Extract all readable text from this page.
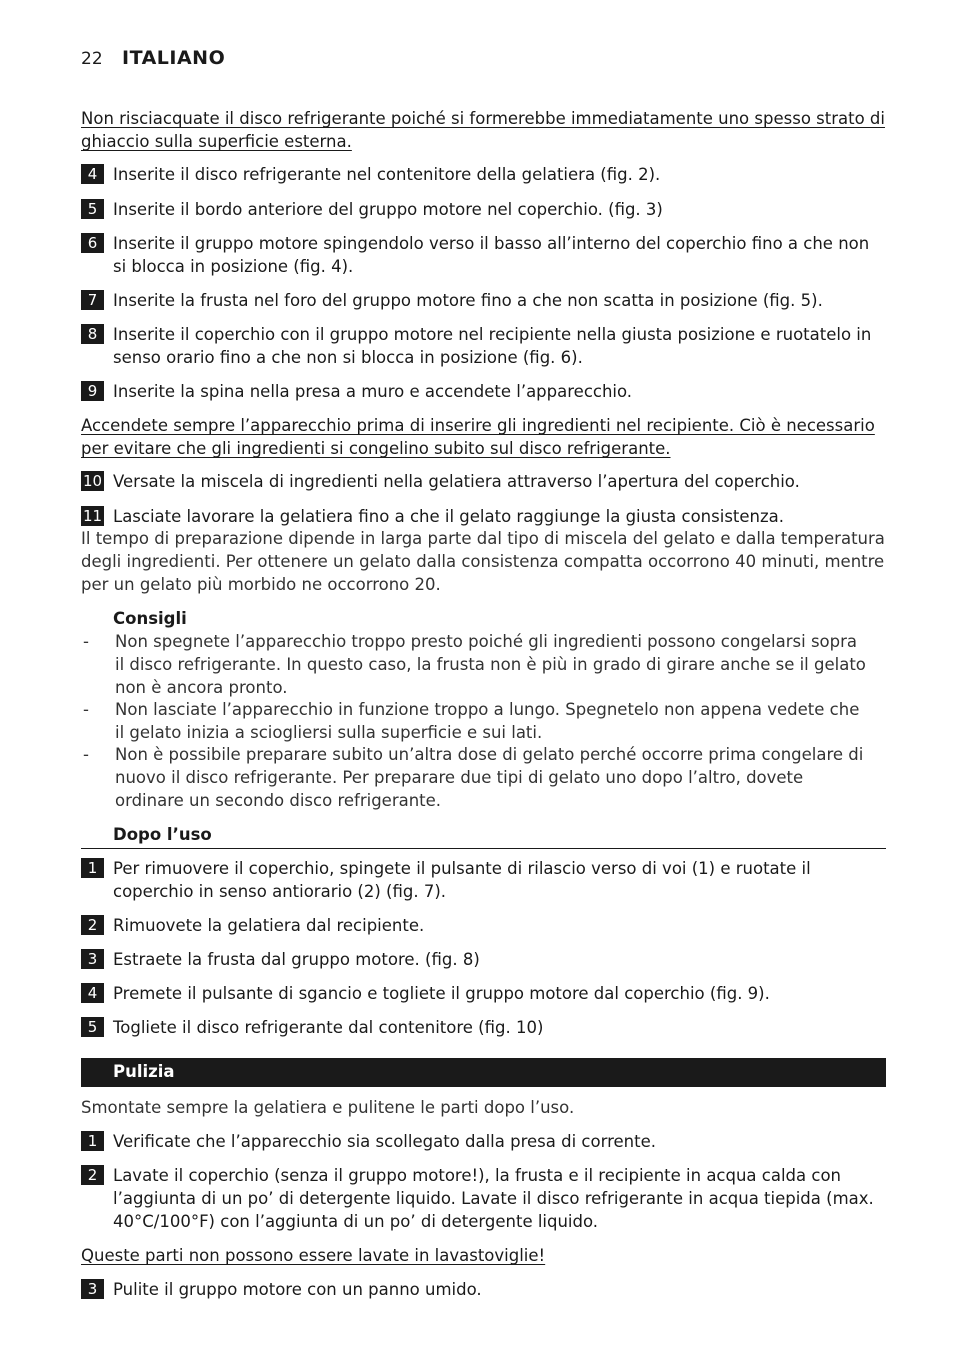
22 ITALIANO
Non risciacquate il disco refrigerante poiché si formerebbe immediatamente uno spesso strato di ghiaccio sulla superficie esterna.
4 Inserite il disco refrigerante nel contenitore della gelatiera (fig. 2).
5 Inserite il bordo anteriore del gruppo motore nel coperchio. (fig. 3)
6 Inserite il gruppo motore spingendolo verso il basso all’interno del coperchio fino a che non si blocca in posizione (fig. 4).
7 Inserite la frusta nel foro del gruppo motore fino a che non scatta in posizione (fig. 5).
8 Inserite il coperchio con il gruppo motore nel recipiente nella giusta posizione e ruotatelo in senso orario fino a che non si blocca in posizione (fig. 6).
9 Inserite la spina nella presa a muro e accendete l’apparecchio.
Accendete sempre l’apparecchio prima di inserire gli ingredienti nel recipiente. Ciò è necessario per evitare che gli ingredienti si congelino subito sul disco refrigerante.
10 Versate la miscela di ingredienti nella gelatiera attraverso l’apertura del coperchio.
11 Lasciate lavorare la gelatiera fino a che il gelato raggiunge la giusta consistenza.
Il tempo di preparazione dipende in larga parte dal tipo di miscela del gelato e dalla temperatura degli ingredienti. Per ottenere un gelato dalla consistenza compatta occorrono 40 minuti, mentre per un gelato più morbido ne occorrono 20.
Consigli
-	Non spegnete l’apparecchio troppo presto poiché gli ingredienti possono congelarsi sopra il disco refrigerante. In questo caso, la frusta non è più in grado di girare anche se il gelato non è ancora pronto.
-	Non lasciate l’apparecchio in funzione troppo a lungo. Spegnetelo non appena vedete che il gelato inizia a sciogliersi sulla superficie e sui lati.
-	Non è possibile preparare subito un’altra dose di gelato perché occorre prima congelare di nuovo il disco refrigerante. Per preparare due tipi di gelato uno dopo l’altro, dovete ordinare un secondo disco refrigerante.
Dopo l’uso
1 Per rimuovere il coperchio, spingete il pulsante di rilascio verso di voi (1) e ruotate il coperchio in senso antiorario (2) (fig. 7).
2 Rimuovete la gelatiera dal recipiente.
3 Estraete la frusta dal gruppo motore. (fig. 8)
4 Premete il pulsante di sgancio e togliete il gruppo motore dal coperchio (fig. 9).
5 Togliete il disco refrigerante dal contenitore (fig. 10)
Pulizia
Smontate sempre la gelatiera e pulitene le parti dopo l’uso.
1 Verificate che l’apparecchio sia scollegato dalla presa di corrente.
2 Lavate il coperchio (senza il gruppo motore!), la frusta e il recipiente in acqua calda con l’aggiunta di un po’ di detergente liquido. Lavate il disco refrigerante in acqua tiepida (max. 40°C/100°F) con l’aggiunta di un po’ di detergente liquido.
Queste parti non possono essere lavate in lavastoviglie!
3 Pulite il gruppo motore con un panno umido.
